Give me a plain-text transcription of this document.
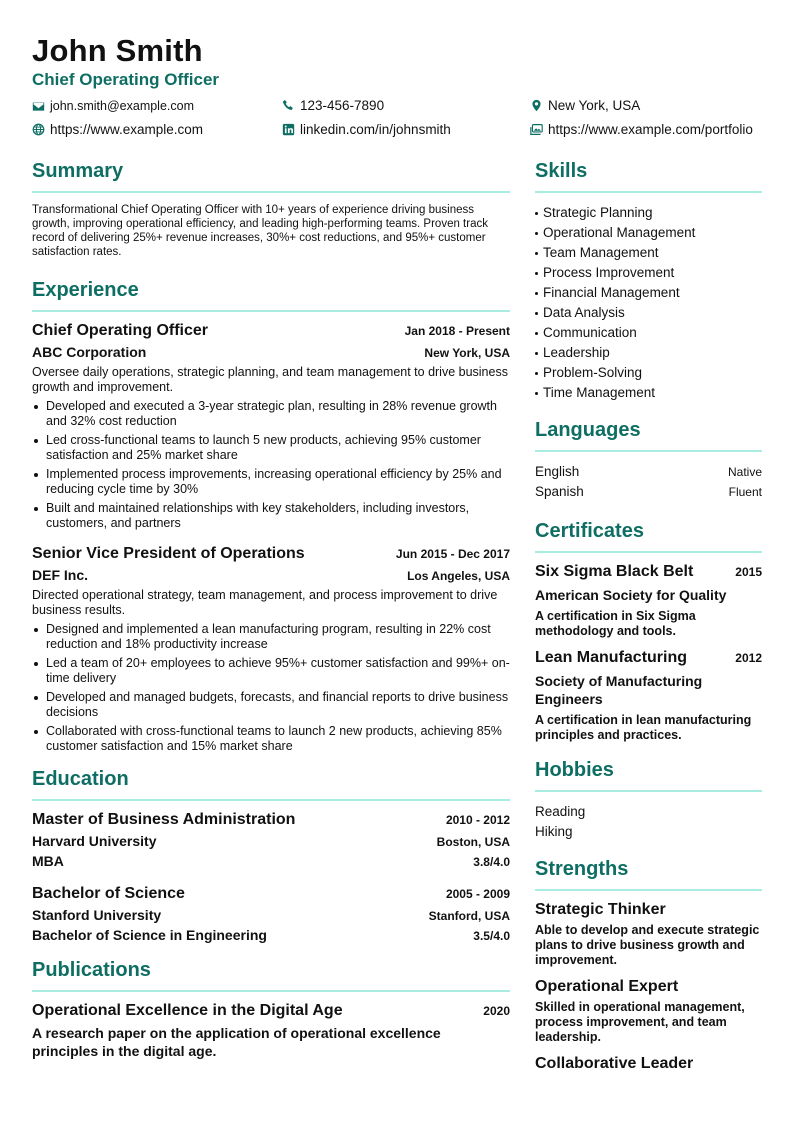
John Smith
Chief Operating Officer
john.smith@example.com	123-456-7890	New York, USA
https://www.example.com	linkedin.com/in/johnsmith	https://www.example.com/portfolio
Summary

Transformational Chief Operating Officer with 10+ years of experience driving business growth, improving operational efficiency, and leading high-performing teams. Proven track record of delivering 25%+ revenue increases, 30%+ cost reductions, and 95%+ customer satisfaction rates.

Experience
Chief Operating Officer	Jan 2018 - Present
ABC Corporation	New York, USA

Oversee daily operations, strategic planning, and team management to drive business growth and improvement.

Developed and executed a 3-year strategic plan, resulting in 28% revenue growth and 32% cost reduction
Led cross-functional teams to launch 5 new products, achieving 95% customer satisfaction and 25% market share
Implemented process improvements, increasing operational efficiency by 25% and reducing cycle time by 30%
Built and maintained relationships with key stakeholders, including investors, customers, and partners
Senior Vice President of Operations	Jun 2015 - Dec 2017
DEF Inc.	Los Angeles, USA

Directed operational strategy, team management, and process improvement to drive business results.

Designed and implemented a lean manufacturing program, resulting in 22% cost reduction and 18% productivity increase
Led a team of 20+ employees to achieve 95%+ customer satisfaction and 99%+ on-time delivery
Developed and managed budgets, forecasts, and financial reports to drive business decisions
Collaborated with cross-functional teams to launch 2 new products, achieving 85% customer satisfaction and 15% market share
Education
Master of Business Administration	2010 - 2012
Harvard University	Boston, USA
MBA	3.8/4.0
Bachelor of Science	2005 - 2009
Stanford University	Stanford, USA
Bachelor of Science in Engineering	3.5/4.0
Publications
Operational Excellence in the Digital Age	2020

A research paper on the application of operational excellence principles in the digital age.

Skills
Strategic Planning
Operational Management
Team Management
Process Improvement
Financial Management
Data Analysis
Communication
Leadership
Problem-Solving
Time Management
Languages
English	Native
Spanish	Fluent
Certificates
Six Sigma Black Belt	2015
American Society for Quality
A certification in Six Sigma methodology and tools.
Lean Manufacturing	2012
Society of Manufacturing Engineers
A certification in lean manufacturing principles and practices.
Hobbies
Reading
Hiking
Strengths
Strategic Thinker
Able to develop and execute strategic plans to drive business growth and improvement.
Operational Expert
Skilled in operational management, process improvement, and team leadership.
Collaborative Leader
